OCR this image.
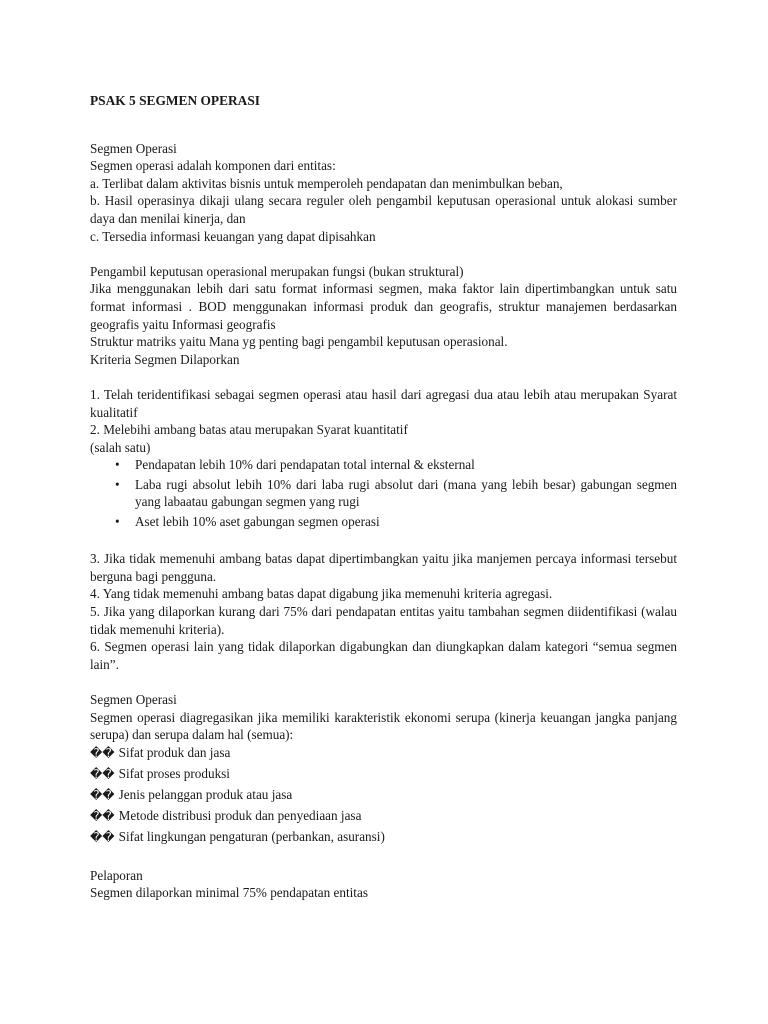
PSAK 5 SEGMEN OPERASI

Segmen Operasi

Segmen operasi adalah komponen dari entitas:

a. Terlibat dalam aktivitas bisnis untuk memperoleh pendapatan dan menimbulkan beban,

b. Hasil operasinya dikaji ulang secara reguler oleh pengambil keputusan operasional untuk alokasi sumber daya dan menilai kinerja, dan

c. Tersedia informasi keuangan yang dapat dipisahkan

Pengambil keputusan operasional merupakan fungsi (bukan struktural)

Jika menggunakan lebih dari satu format informasi segmen, maka faktor lain dipertimbangkan untuk satu format informasi . BOD menggunakan informasi produk dan geografis, struktur manajemen berdasarkan geografis yaitu Informasi geografis

Struktur matriks yaitu Mana yg penting bagi pengambil keputusan operasional.

Kriteria Segmen Dilaporkan

1. Telah teridentifikasi sebagai segmen operasi atau hasil dari agregasi dua atau lebih atau merupakan Syarat kualitatif

2. Melebihi ambang batas atau merupakan Syarat kuantitatif

(salah satu)

• Pendapatan lebih 10% dari pendapatan total internal & eksternal
• Laba rugi absolut lebih 10% dari laba rugi absolut dari (mana yang lebih besar) gabungan segmen yang labaatau gabungan segmen yang rugi
• Aset lebih 10% aset gabungan segmen operasi

3. Jika tidak memenuhi ambang batas dapat dipertimbangkan yaitu jika manjemen percaya informasi tersebut berguna bagi pengguna.

4. Yang tidak memenuhi ambang batas dapat digabung jika memenuhi kriteria agregasi.

5. Jika yang dilaporkan kurang dari 75% dari pendapatan entitas yaitu tambahan segmen diidentifikasi (walau tidak memenuhi kriteria).

6. Segmen operasi lain yang tidak dilaporkan digabungkan dan diungkapkan dalam kategori “semua segmen lain”.

Segmen Operasi

Segmen operasi diagregasikan jika memiliki karakteristik ekonomi serupa (kinerja keuangan jangka panjang serupa) dan serupa dalam hal (semua):

�� Sifat produk dan jasa
�� Sifat proses produksi
�� Jenis pelanggan produk atau jasa
�� Metode distribusi produk dan penyediaan jasa
�� Sifat lingkungan pengaturan (perbankan, asuransi)

Pelaporan

Segmen dilaporkan minimal 75% pendapatan entitas
